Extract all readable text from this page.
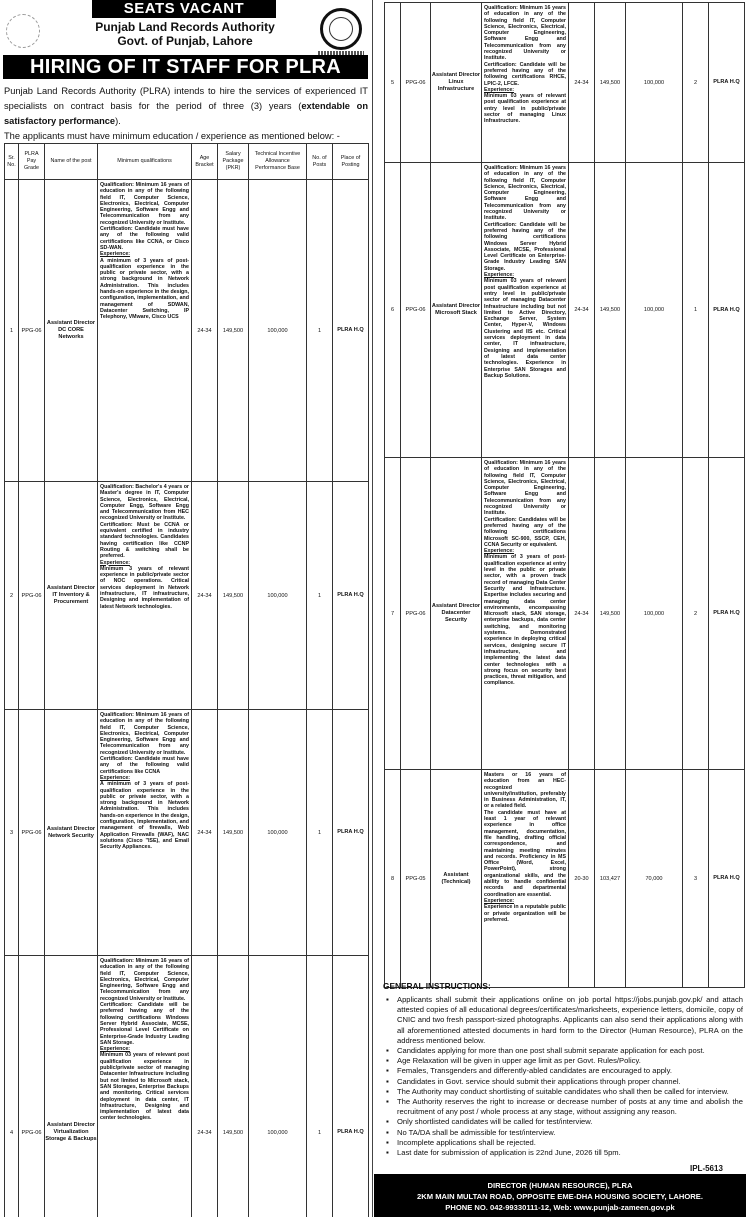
SEATS VACANT
Punjab Land Records Authority
Govt. of Punjab, Lahore
HIRING OF IT STAFF FOR PLRA
Punjab Land Records Authority (PLRA) intends to hire the services of experienced IT specialists on contract basis for the period of three (3) years (extendable on satisfactory performance).
The applicants must have minimum education / experience as mentioned below: -
Sr. No.	PLRA Pay Grade	Name of the post	Minimum qualifications	Age Bracket	Salary Package (PKR)	Technical Incentive Allowance Performance Base	No. of Posts	Place of Posting
1	PPG-06	Assistant Director DC CORE Networks	Qualification: Minimum 16 years of education in any of the following field IT, Computer Science, Electronics, Electrical, Computer Engineering, Software Engg and Telecommunication from any recognized University or Institute.
Certification: Candidate must have any of the following valid certifications like CCNA, or Cisco SD-WAN.
Experience:
A minimum of 3 years of post-qualification experience in the public or private sector, with a strong background in Network Administration. This includes hands-on experience in the design, configuration, implementation, and management of SDWAN, Datacenter Switching, IP Telephony, VMware, Cisco UCS	24-34	149,500	100,000	1	PLRA H.Q
2	PPG-06	Assistant Director IT Inventory & Procurement	Qualification: Bachelor's 4 years or Master's degree in IT, Computer Science, Electronics, Electrical, Computer Engg, Software Engg and Telecommunication from HEC recognized University or Institute.
Certification: Must be CCNA or equivalent certified in industry standard technologies. Candidates having certification like CCNP Routing & switching shall be preferred.
Experience:
Minimum 3 years of relevant experience in public/private sector of NOC operations. Critical services deployment in Network infrastructure, IT infrastructure, Designing and implementation of latest Network technologies.	24-34	149,500	100,000	1	PLRA H.Q
3	PPG-06	Assistant Director Network Security	Qualification: Minimum 16 years of education in any of the following field IT, Computer Science, Electronics, Electrical, Computer Engineering, Software Engg and Telecommunication from any recognized University or Institute.
Certification: Candidate must have any of the following valid certifications like CCNA
Experience:
A minimum of 3 years of post-qualification experience in the public or private sector, with a strong background in Network Administration. This includes hands-on experience in the design, configuration, implementation, and management of firewalls, Web Application Firewalls (WAF), NAC solutions (Cisco "ISE), and Email Security Appliances.	24-34	149,500	100,000	1	PLRA H.Q
4	PPG-06	Assistant Director Virtualization Storage & Backups	Qualification: Minimum 16 years of education in any of the following field IT, Computer Science, Electronics, Electrical, Computer Engineering, Software Engg and Telecommunication from any recognized University or Institute.
Certification: Candidate will be preferred having any of the following certifications Windows Server Hybrid Associate, MCSE, Professional Level Certificate on Enterprise-Grade Industry Leading SAN Storage.
Experience:
Minimum 03 years of relevant post qualification experience in public/private sector of managing Datacenter Infrastructure including but not limited to Microsoft stack, SAN Storages, Enterprise Backups and monitoring. Critical services deployment in data center, IT Infrastructure, Designing and implementation of latest data center technologies.	24-34	149,500	100,000	1	PLRA H.Q
5	PPG-06	Assistant Director Linux Infrastructure	Qualification: Minimum 16 years of education in any of the following field IT, Computer Science, Electronics, Electrical, Computer Engineering, Software Engg and Telecommunication from any recognized University or Institute.
Certification: Candidate will be preferred having any of the following certifications RHCE, LPIC-2, LFCE.
Experience:
Minimum 03 years of relevant post qualification experience at entry level in public/private sector of managing Linux Infrastructure.	24-34	149,500	100,000	2	PLRA H.Q
6	PPG-06	Assistant Director Microsoft Stack	Qualification: Minimum 16 years of education in any of the following field IT, Computer Science, Electronics, Electrical, Computer Engineering, Software Engg and Telecommunication from any recognized University or Institute.
Certification: Candidate will be preferred having any of the following certifications Windows Server Hybrid Associate, MCSE, Professional Level Certificate on Enterprise-Grade Industry Leading SAN Storage.
Experience:
Minimum 03 years of relevant post qualification experience at entry level in public/private sector of managing Datacenter Infrastructure including but not limited to Active Directory, Exchange Server, System Center, Hyper-V, Windows Clustering and IIS etc. Critical services deployment in data center, IT infrastructure, Designing and implementation of latest data center technologies. Experience in Enterprise SAN Storages and Backup Solutions.	24-34	149,500	100,000	1	PLRA H.Q
7	PPG-06	Assistant Director Datacenter Security	Qualification: Minimum 16 years of education in any of the following field IT, Computer Science, Electronics, Electrical, Computer Engineering, Software Engg and Telecommunication from any recognized University or Institute.
Certification: Candidates will be preferred having any of the following certifications Microsoft SC-900, SSCP, CEH, CCNA Security or equivalent.
Experience:
Minimum of 3 years of post-qualification experience at entry level in the public or private sector, with a proven track record of managing Data Center Security and Infrastructure. Expertise includes securing and managing data center environments, encompassing Microsoft stack, SAN storage, enterprise backups, data center switching, and monitoring systems. Demonstrated experience in deploying critical services, designing secure IT infrastructure, and implementing the latest data center technologies with a strong focus on security best practices, threat mitigation, and compliance.	24-34	149,500	100,000	2	PLRA H.Q
8	PPG-05	Assistant (Technical)	Masters or 16 years of education from an HEC-recognized university/institution, preferably in Business Administration, IT, or a related field.
The candidate must have at least 1 year of relevant experience in office management, documentation, file handling, drafting official correspondence, and maintaining meeting minutes and records. Proficiency in MS Office (Word, Excel, PowerPoint), strong organizational skills, and the ability to handle confidential records and departmental coordination are essential.
Experience:
Experience in a reputable public or private organization will be preferred.	20-30	103,427	70,000	3	PLRA H.Q
GENERAL INSTRUCTIONS:
▪ Applicants shall submit their applications online on job portal https://jobs.punjab.gov.pk/ and attach attested copies of all educational degrees/certificates/marksheets, experience letters, domicile, copy of CNIC and two fresh passport-sized photographs. Applicants can also send their applications along with all aforementioned attested documents in hard form to the Director (Human Resource), PLRA on the address mentioned below.
▪ Candidates applying for more than one post shall submit separate application for each post.
▪ Age Relaxation will be given in upper age limit as per Govt. Rules/Policy.
▪ Females, Transgenders and differently-abled candidates are encouraged to apply.
▪ Candidates in Govt. service should submit their applications through proper channel.
▪ The Authority may conduct shortlisting of suitable candidates who shall then be called for interview.
▪ The Authority reserves the right to increase or decrease number of posts at any time and abolish the recruitment of any post / whole process at any stage, without assigning any reason.
▪ Only shortlisted candidates will be called for test/interview.
▪ No TA/DA shall be admissible for test/interview.
▪ Incomplete applications shall be rejected.
▪ Last date for submission of application is 22nd June, 2026 till 5pm.
IPL-5613
DIRECTOR (HUMAN RESOURCE), PLRA
2KM MAIN MULTAN ROAD, OPPOSITE EME-DHA HOUSING SOCIETY, LAHORE.
PHONE NO. 042-99330111-12, Web: www.punjab-zameen.gov.pk
